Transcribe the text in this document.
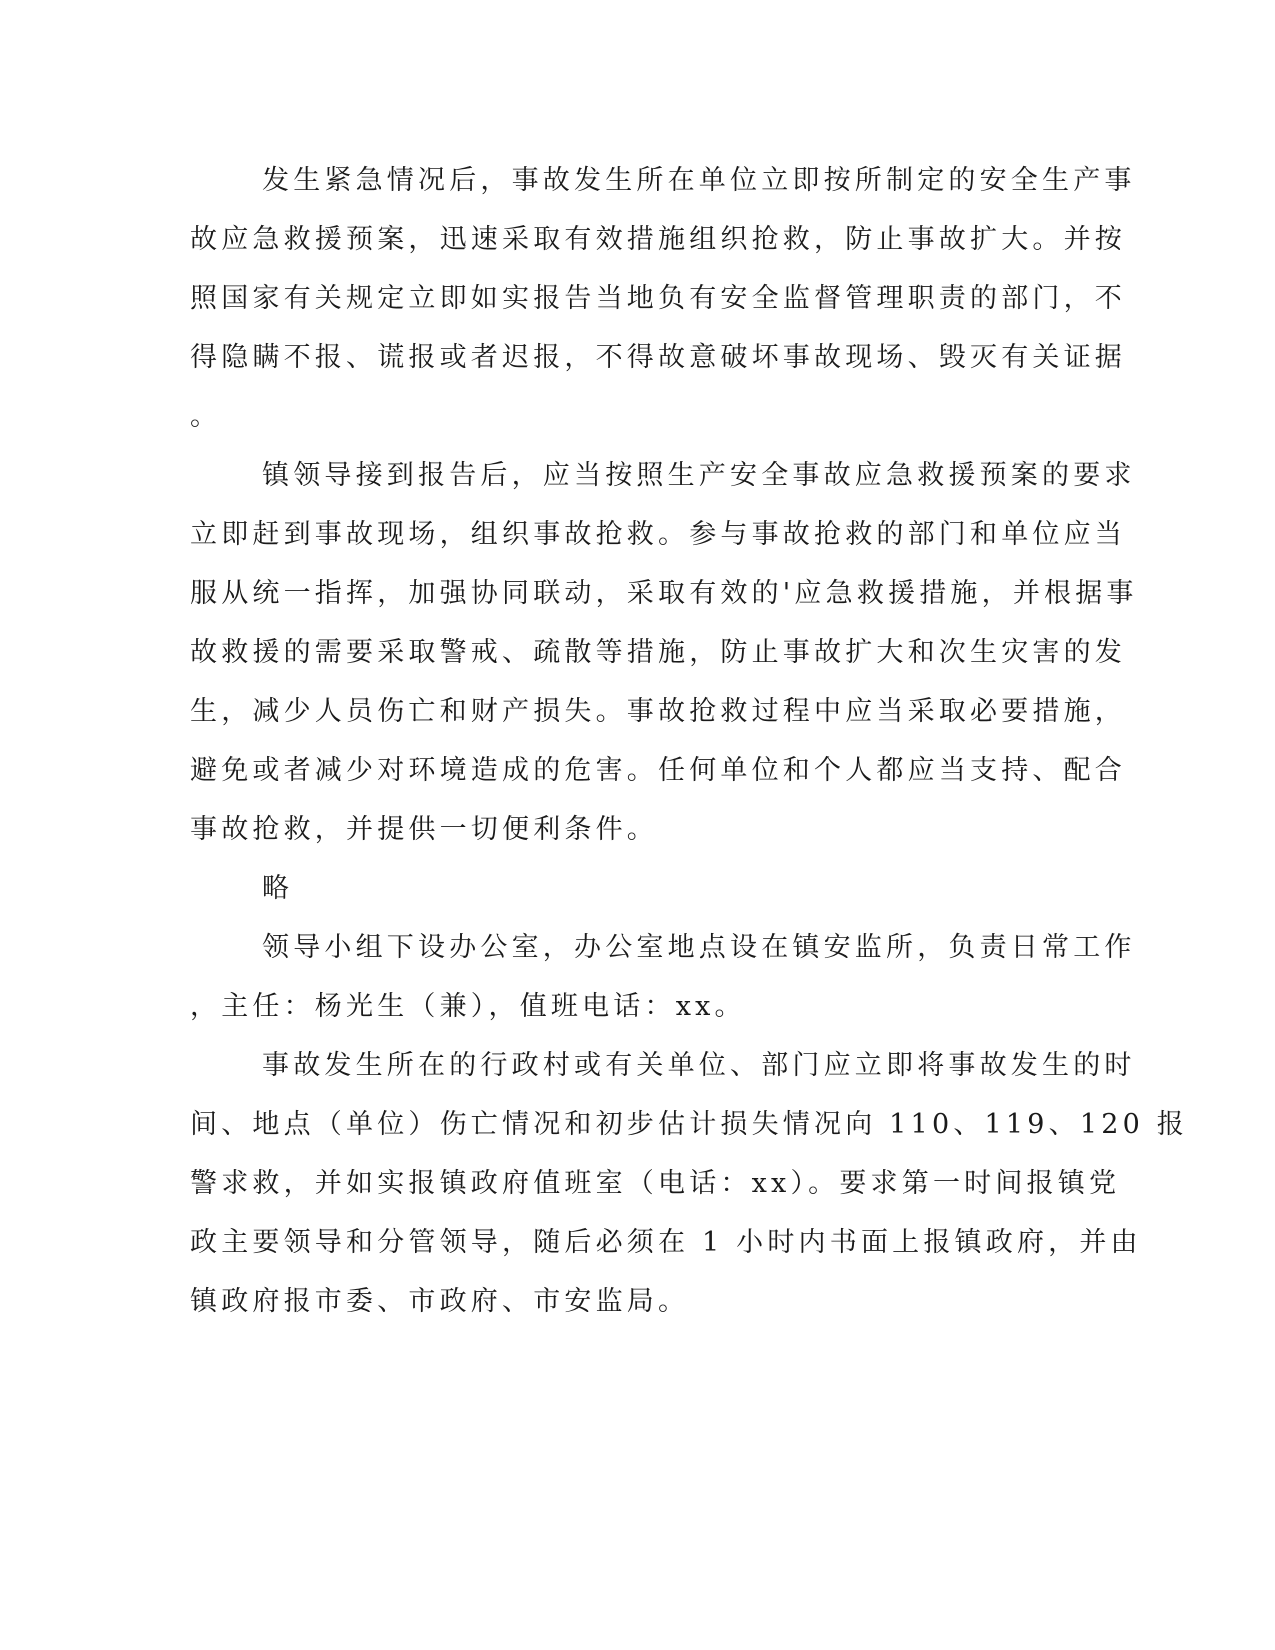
发生紧急情况后，事故发生所在单位立即按所制定的安全生产事
故应急救援预案，迅速采取有效措施组织抢救，防止事故扩大。并按
照国家有关规定立即如实报告当地负有安全监督管理职责的部门，不
得隐瞒不报、谎报或者迟报，不得故意破坏事故现场、毁灭有关证据
。
镇领导接到报告后，应当按照生产安全事故应急救援预案的要求
立即赶到事故现场，组织事故抢救。参与事故抢救的部门和单位应当
服从统一指挥，加强协同联动，采取有效的'应急救援措施，并根据事
故救援的需要采取警戒、疏散等措施，防止事故扩大和次生灾害的发
生，减少人员伤亡和财产损失。事故抢救过程中应当采取必要措施，
避免或者减少对环境造成的危害。任何单位和个人都应当支持、配合
事故抢救，并提供一切便利条件。
略
领导小组下设办公室，办公室地点设在镇安监所，负责日常工作
，主任：杨光生（兼），值班电话：xx。
事故发生所在的行政村或有关单位、部门应立即将事故发生的时
间、地点（单位）伤亡情况和初步估计损失情况向 110、119、120 报
警求救，并如实报镇政府值班室（电话：xx）。要求第一时间报镇党
政主要领导和分管领导，随后必须在 1 小时内书面上报镇政府，并由
镇政府报市委、市政府、市安监局。
